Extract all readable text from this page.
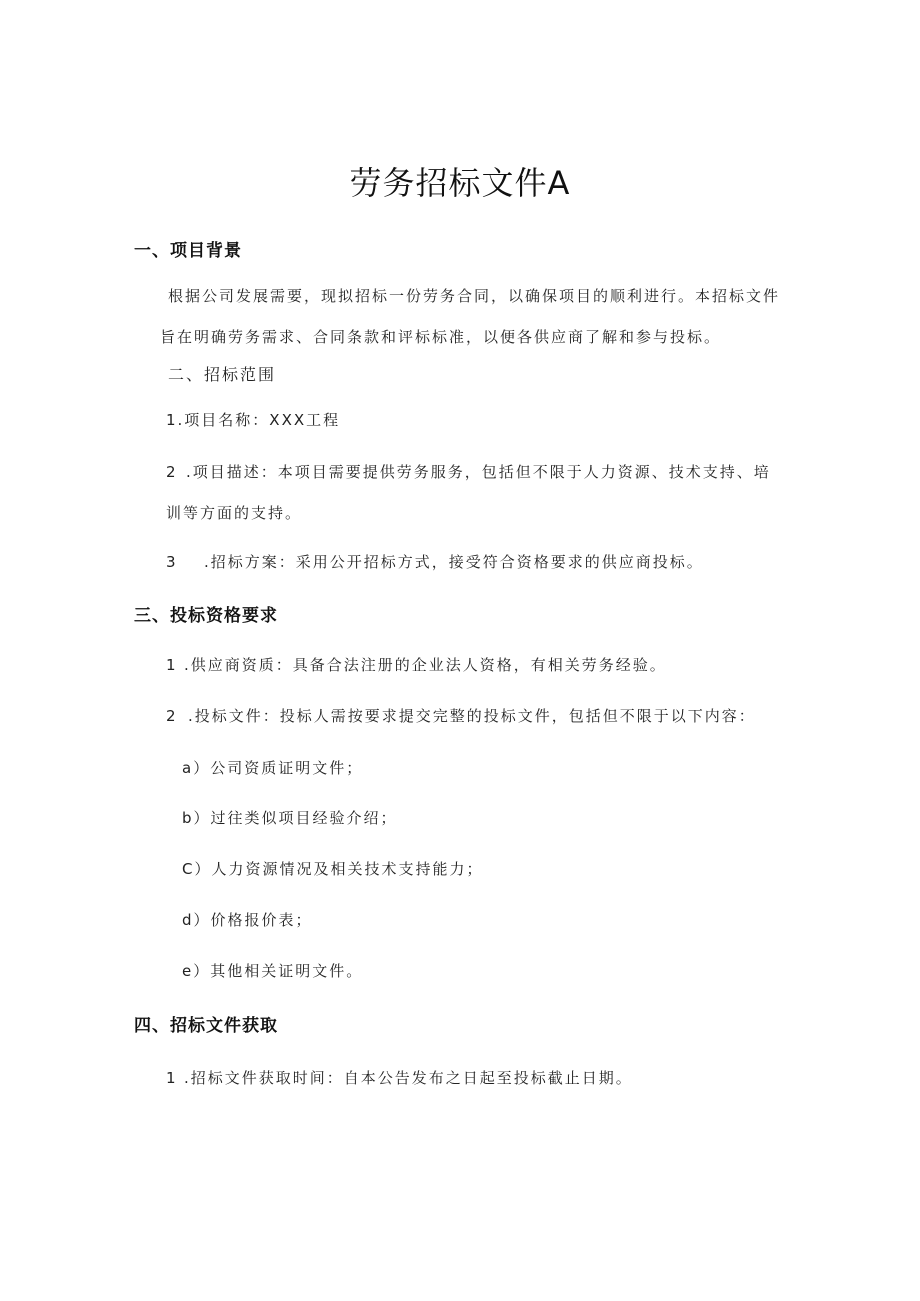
劳务招标文件A
一、项目背景
根据公司发展需要，现拟招标一份劳务合同，以确保项目的顺利进行。本招标文件旨在明确劳务需求、合同条款和评标标准，以便各供应商了解和参与投标。
二、招标范围
1.项目名称：XXX工程
2 .项目描述：本项目需要提供劳务服务，包括但不限于人力资源、技术支持、培训等方面的支持。
3 .招标方案：采用公开招标方式，接受符合资格要求的供应商投标。
三、投标资格要求
1 .供应商资质：具备合法注册的企业法人资格，有相关劳务经验。
2 .投标文件：投标人需按要求提交完整的投标文件，包括但不限于以下内容：
a）公司资质证明文件；
b）过往类似项目经验介绍；
C）人力资源情况及相关技术支持能力；
d）价格报价表；
e）其他相关证明文件。
四、招标文件获取
1 .招标文件获取时间：自本公告发布之日起至投标截止日期。
